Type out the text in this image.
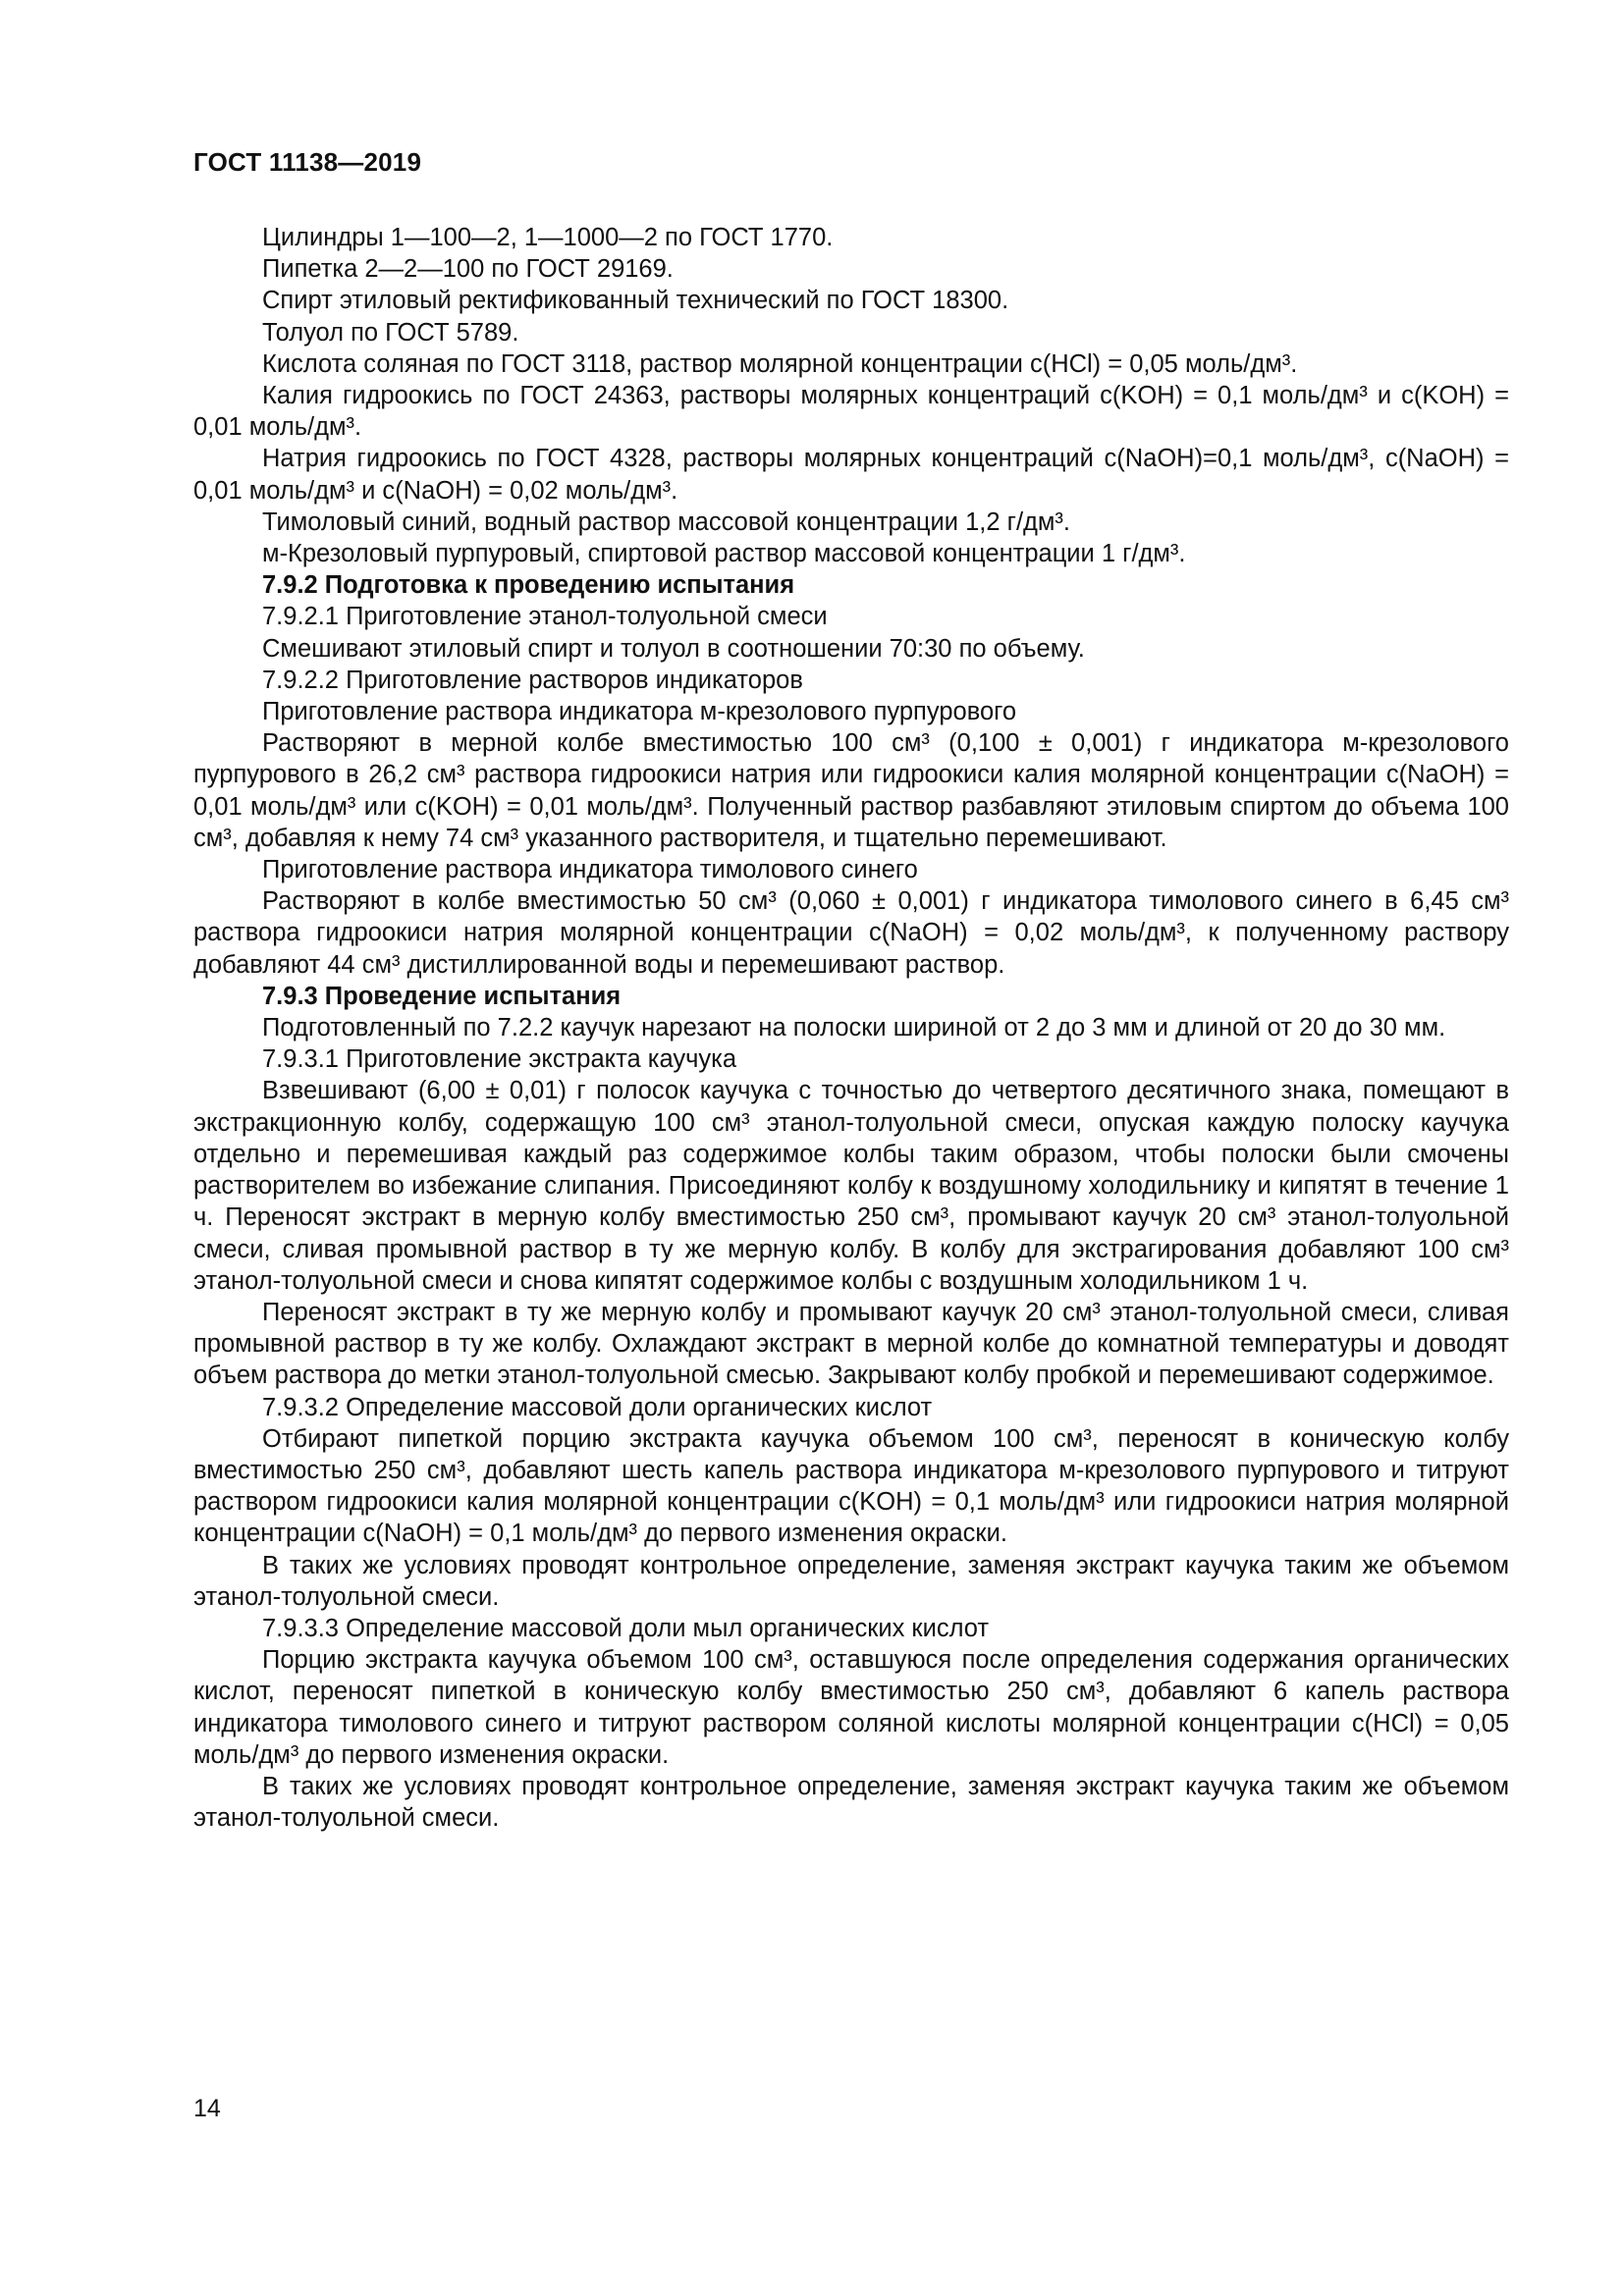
ГОСТ 11138—2019

Цилиндры 1—100—2, 1—1000—2 по ГОСТ 1770.

Пипетка 2—2—100 по ГОСТ 29169.

Спирт этиловый ректификованный технический по ГОСТ 18300.

Толуол по ГОСТ 5789.

Кислота соляная по ГОСТ 3118, раствор молярной концентрации с(HCl) = 0,05 моль/дм³.

Калия гидроокись по ГОСТ 24363, растворы молярных концентраций с(KOH) = 0,1 моль/дм³ и с(KOH) = 0,01 моль/дм³.

Натрия гидроокись по ГОСТ 4328, растворы молярных концентраций с(NaOH)=0,1 моль/дм³, с(NaOH) = 0,01 моль/дм³ и с(NaOH) = 0,02 моль/дм³.

Тимоловый синий, водный раствор массовой концентрации 1,2 г/дм³.

м-Крезоловый пурпуровый, спиртовой раствор массовой концентрации 1 г/дм³.

7.9.2 Подготовка к проведению испытания

7.9.2.1 Приготовление этанол-толуольной смеси

Смешивают этиловый спирт и толуол в соотношении 70:30 по объему.

7.9.2.2 Приготовление растворов индикаторов

Приготовление раствора индикатора м-крезолового пурпурового

Растворяют в мерной колбе вместимостью 100 см³ (0,100 ± 0,001) г индикатора м-крезолового пурпурового в 26,2 см³ раствора гидроокиси натрия или гидроокиси калия молярной концентрации с(NaOH) = 0,01 моль/дм³ или с(KOH) = 0,01 моль/дм³. Полученный раствор разбавляют этиловым спиртом до объема 100 см³, добавляя к нему 74 см³ указанного растворителя, и тщательно перемешивают.

Приготовление раствора индикатора тимолового синего

Растворяют в колбе вместимостью 50 см³ (0,060 ± 0,001) г индикатора тимолового синего в 6,45 см³ раствора гидроокиси натрия молярной концентрации с(NaOH) = 0,02 моль/дм³, к полученному раствору добавляют 44 см³ дистиллированной воды и перемешивают раствор.

7.9.3 Проведение испытания

Подготовленный по 7.2.2 каучук нарезают на полоски шириной от 2 до 3 мм и длиной от 20 до 30 мм.

7.9.3.1 Приготовление экстракта каучука

Взвешивают (6,00 ± 0,01) г полосок каучука с точностью до четвертого десятичного знака, помещают в экстракционную колбу, содержащую 100 см³ этанол-толуольной смеси, опуская каждую полоску каучука отдельно и перемешивая каждый раз содержимое колбы таким образом, чтобы полоски были смочены растворителем во избежание слипания. Присоединяют колбу к воздушному холодильнику и кипятят в течение 1 ч. Переносят экстракт в мерную колбу вместимостью 250 см³, промывают каучук 20 см³ этанол-толуольной смеси, сливая промывной раствор в ту же мерную колбу. В колбу для экстрагирования добавляют 100 см³ этанол-толуольной смеси и снова кипятят содержимое колбы с воздушным холодильником 1 ч.

Переносят экстракт в ту же мерную колбу и промывают каучук 20 см³ этанол-толуольной смеси, сливая промывной раствор в ту же колбу. Охлаждают экстракт в мерной колбе до комнатной температуры и доводят объем раствора до метки этанол-толуольной смесью. Закрывают колбу пробкой и перемешивают содержимое.

7.9.3.2 Определение массовой доли органических кислот

Отбирают пипеткой порцию экстракта каучука объемом 100 см³, переносят в коническую колбу вместимостью 250 см³, добавляют шесть капель раствора индикатора м-крезолового пурпурового и титруют раствором гидроокиси калия молярной концентрации с(KOH) = 0,1 моль/дм³ или гидроокиси натрия молярной концентрации с(NaOH) = 0,1 моль/дм³ до первого изменения окраски.

В таких же условиях проводят контрольное определение, заменяя экстракт каучука таким же объемом этанол-толуольной смеси.

7.9.3.3 Определение массовой доли мыл органических кислот

Порцию экстракта каучука объемом 100 см³, оставшуюся после определения содержания органических кислот, переносят пипеткой в коническую колбу вместимостью 250 см³, добавляют 6 капель раствора индикатора тимолового синего и титруют раствором соляной кислоты молярной концентрации с(HCl) = 0,05 моль/дм³ до первого изменения окраски.

В таких же условиях проводят контрольное определение, заменяя экстракт каучука таким же объемом этанол-толуольной смеси.

14
